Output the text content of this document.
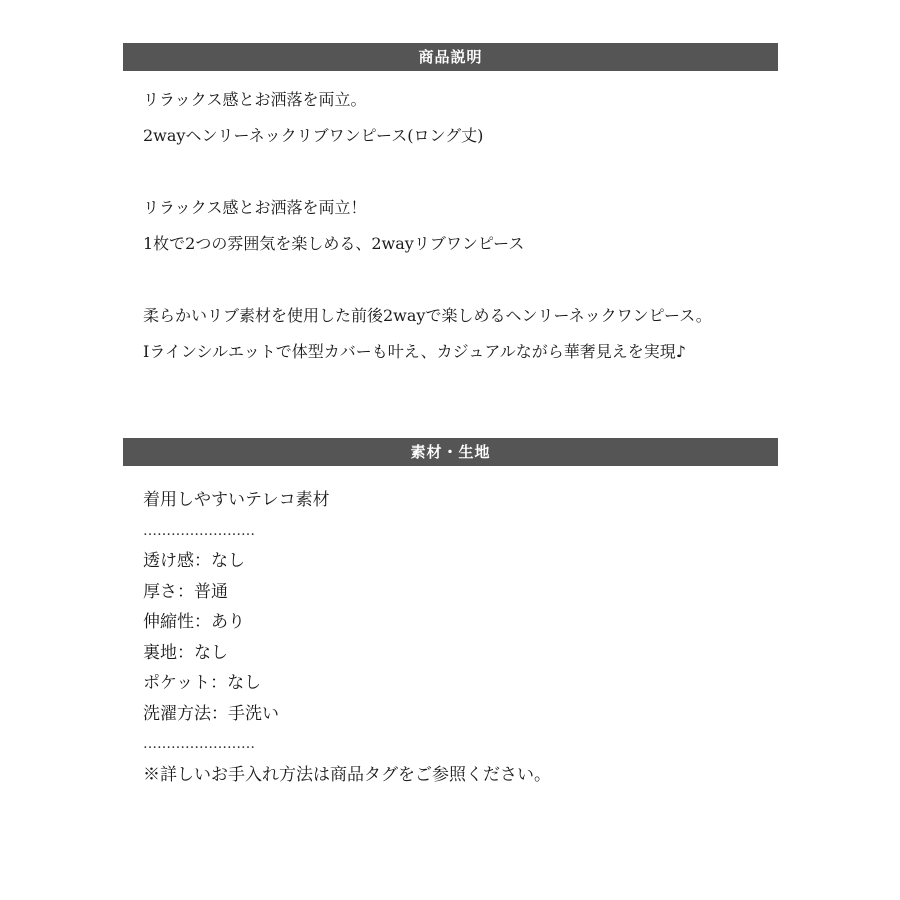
商品説明
リラックス感とお洒落を両立。
2wayヘンリーネックリブワンピース(ロング丈)
リラックス感とお洒落を両立！
1枚で2つの雰囲気を楽しめる、2wayリブワンピース
柔らかいリブ素材を使用した前後2wayで楽しめるヘンリーネックワンピース。
Iラインシルエットで体型カバーも叶え、カジュアルながら華奢見えを実現♪
素材・生地
着用しやすいテレコ素材
……………………
透け感：なし
厚さ：普通
伸縮性：あり
裏地：なし
ポケット：なし
洗濯方法：手洗い
……………………
※詳しいお手入れ方法は商品タグをご参照ください。
